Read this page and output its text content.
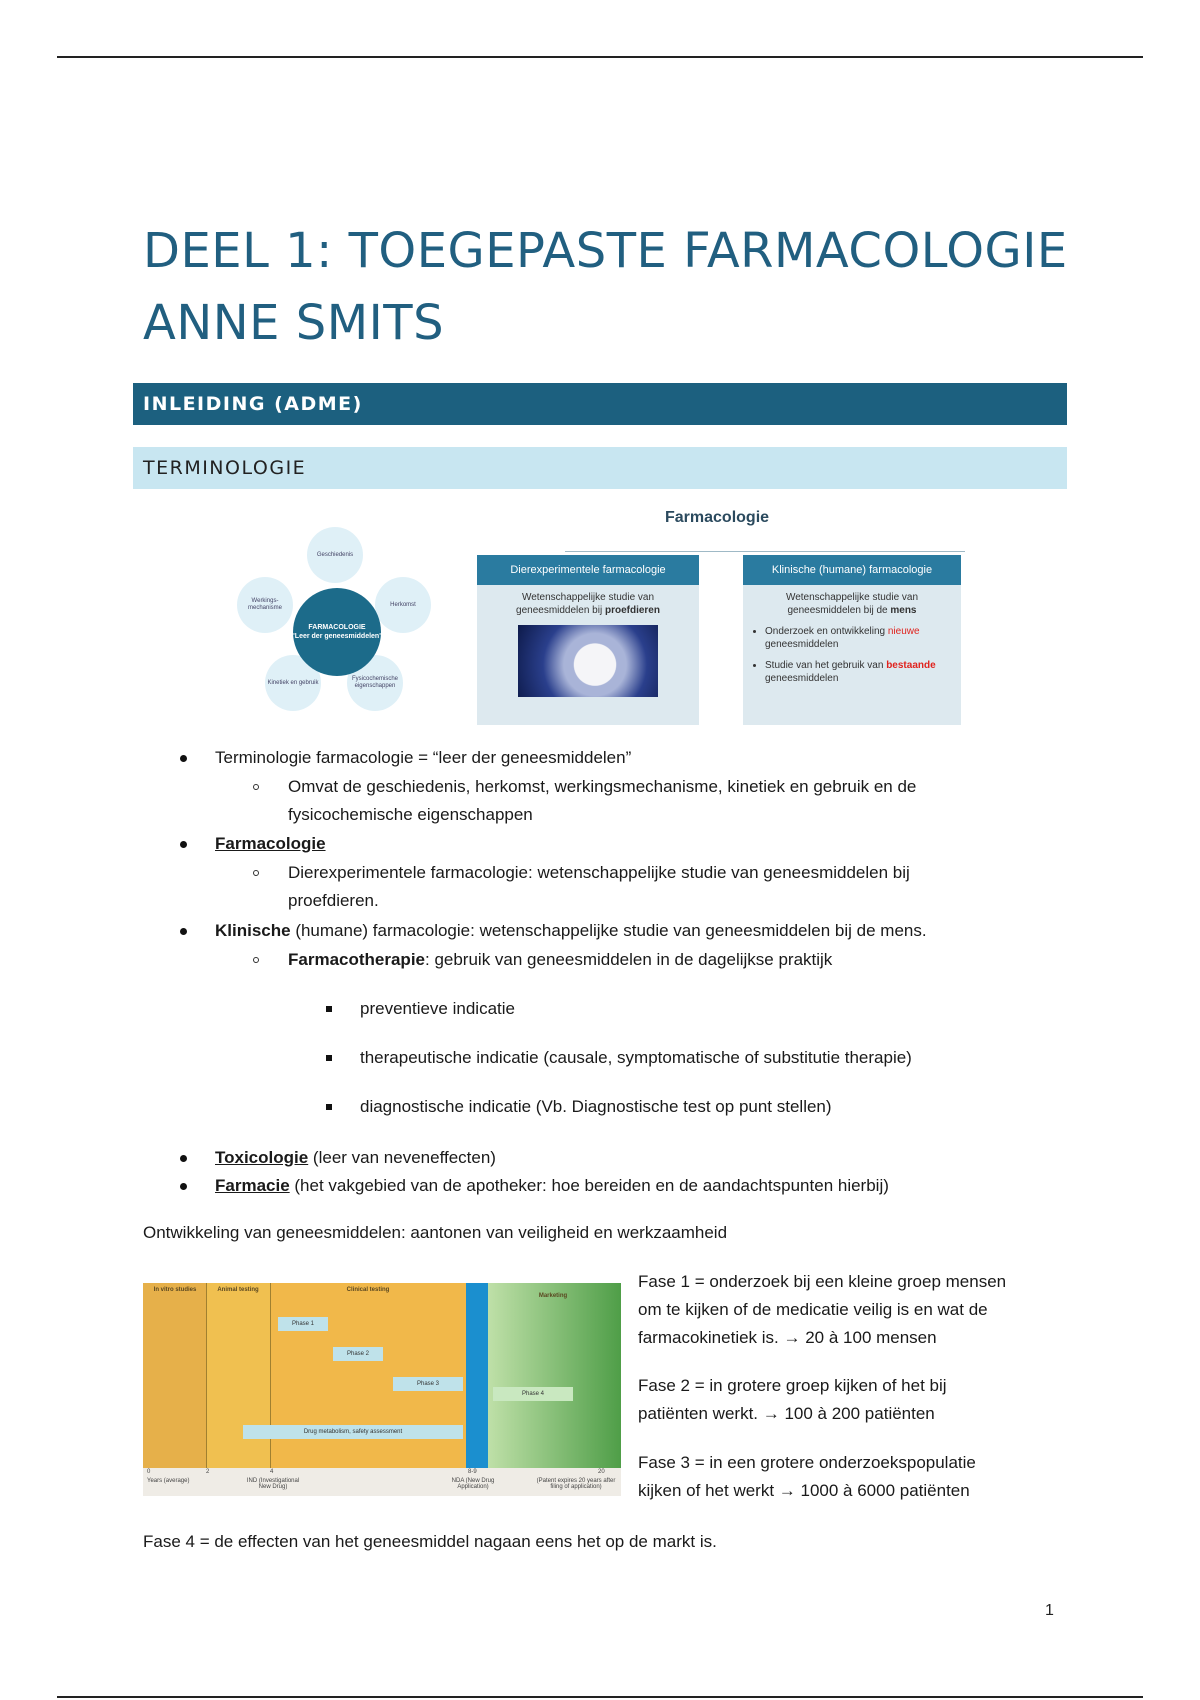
DEEL 1: TOEGEPASTE FARMACOLOGIE
ANNE SMITS
INLEIDING (ADME)
TERMINOLOGIE
Geschiedenis
Herkomst
Fysicochemische eigenschappen
Kinetiek en gebruik
Werkings-mechanisme
FARMACOLOGIE
'Leer der geneesmiddelen'
Farmacologie
Dierexperimentele farmacologie
Wetenschappelijke studie van geneesmiddelen bij proefdieren
Klinische (humane) farmacologie
Wetenschappelijke studie van geneesmiddelen bij de mens
• Onderzoek en ontwikkeling nieuwe geneesmiddelen
• Studie van het gebruik van bestaande geneesmiddelen
Terminologie farmacologie = “leer der geneesmiddelen”
Omvat de geschiedenis, herkomst, werkingsmechanisme, kinetiek en gebruik en de
fysicochemische eigenschappen
Farmacologie
Dierexperimentele farmacologie: wetenschappelijke studie van geneesmiddelen bij
proefdieren.
Klinische (humane) farmacologie: wetenschappelijke studie van geneesmiddelen bij de mens.
Farmacotherapie: gebruik van geneesmiddelen in de dagelijkse praktijk
preventieve indicatie
therapeutische indicatie (causale, symptomatische of substitutie therapie)
diagnostische indicatie (Vb. Diagnostische test op punt stellen)
Toxicologie (leer van neveneffecten)
Farmacie (het vakgebied van de apotheker: hoe bereiden en de aandachtspunten hierbij)
Ontwikkeling van geneesmiddelen: aantonen van veiligheid en werkzaamheid
In vitro studies	Animal testing	Clinical testing
Marketing
Phase 1
Phase 2
Phase 3
Phase 4
Drug metabolism, safety assessment
0	2	4	8-9	20
Years (average)	IND (Investigational New Drug)
NDA (New Drug Application)
(Patent expires 20 years after filing of application)
Fase 1 = onderzoek bij een kleine groep mensen
om te kijken of de medicatie veilig is en wat de
farmacokinetiek is. → 20 à 100 mensen
Fase 2 = in grotere groep kijken of het bij
patiënten werkt. → 100 à 200 patiënten
Fase 3 = in een grotere onderzoekspopulatie
kijken of het werkt → 1000 à 6000 patiënten
Fase 4 = de effecten van het geneesmiddel nagaan eens het op de markt is.
1
